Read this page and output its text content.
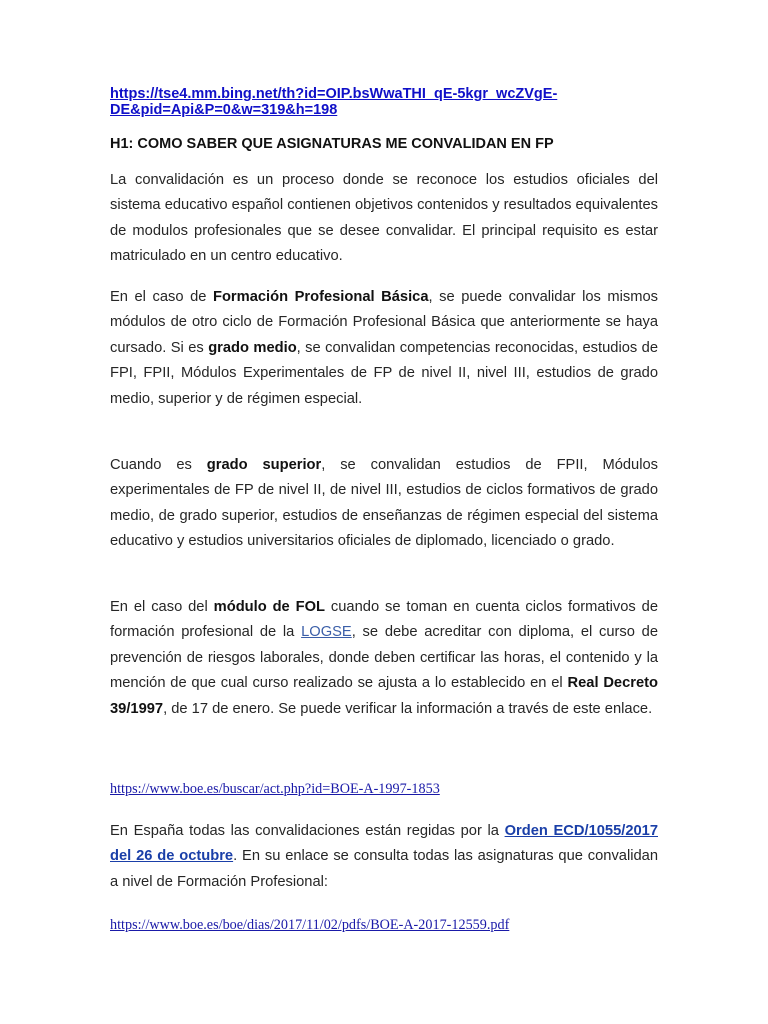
https://tse4.mm.bing.net/th?id=OIP.bsWwaTHI_qE-5kgr_wcZVgE-DE&pid=Api&P=0&w=319&h=198
H1: COMO SABER QUE ASIGNATURAS ME CONVALIDAN EN FP

La convalidación es un proceso donde se reconoce los estudios oficiales del sistema educativo español contienen objetivos contenidos y resultados equivalentes de modulos profesionales que se desee convalidar. El principal requisito es estar matriculado en un centro educativo.

En el caso de Formación Profesional Básica, se puede convalidar los mismos módulos de otro ciclo de Formación Profesional Básica que anteriormente se haya cursado. Si es grado medio, se convalidan competencias reconocidas, estudios de FPI, FPII, Módulos Experimentales de FP de nivel II, nivel III, estudios de grado medio, superior y de régimen especial.

Cuando es grado superior, se convalidan estudios de FPII, Módulos experimentales de FP de nivel II, de nivel III, estudios de ciclos formativos de grado medio, de grado superior, estudios de enseñanzas de régimen especial del sistema educativo y estudios universitarios oficiales de diplomado, licenciado o grado.

En el caso del módulo de FOL cuando se toman en cuenta ciclos formativos de formación profesional de la LOGSE, se debe acreditar con diploma, el curso de prevención de riesgos laborales, donde deben certificar las horas, el contenido y la mención de que cual curso realizado se ajusta a lo establecido en el Real Decreto 39/1997, de 17 de enero. Se puede verificar la información a través de este enlace.

https://www.boe.es/buscar/act.php?id=BOE-A-1997-1853

En España todas las convalidaciones están regidas por la Orden ECD/1055/2017 del 26 de octubre. En su enlace se consulta todas las asignaturas que convalidan a nivel de Formación Profesional:

https://www.boe.es/boe/dias/2017/11/02/pdfs/BOE-A-2017-12559.pdf
